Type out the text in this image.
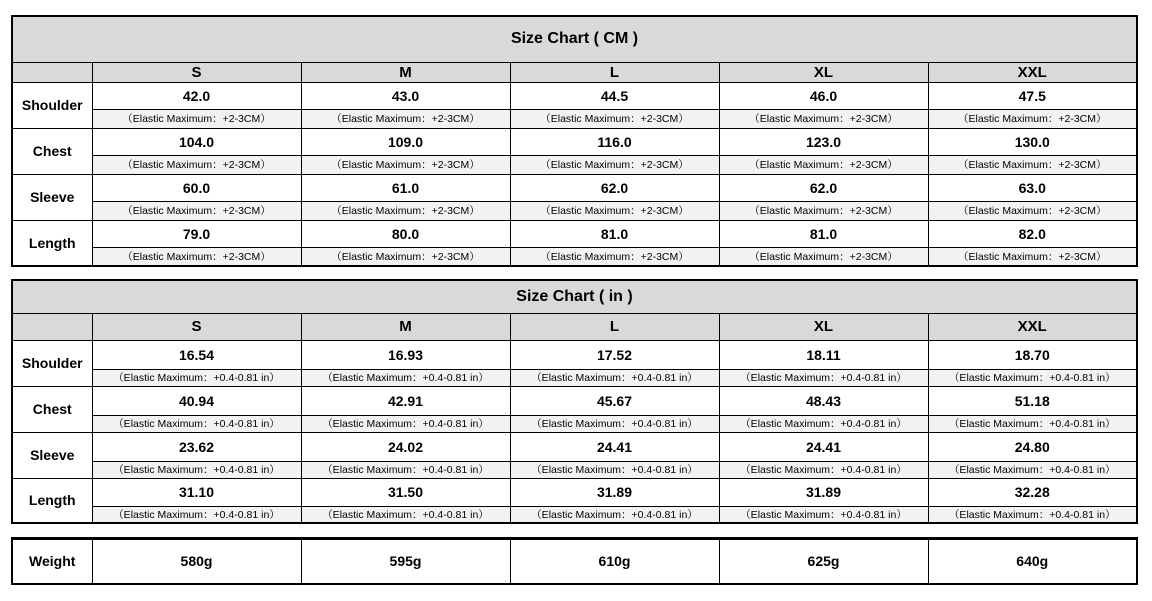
Size Chart ( CM )					
	S	M	L	XL	XXL
Shoulder	42.0	43.0	44.5	46.0	47.5
	（Elastic Maximum：+2-3CM）	（Elastic Maximum：+2-3CM）	（Elastic Maximum：+2-3CM）	（Elastic Maximum：+2-3CM）	（Elastic Maximum：+2-3CM）
Chest	104.0	109.0	116.0	123.0	130.0
	（Elastic Maximum：+2-3CM）	（Elastic Maximum：+2-3CM）	（Elastic Maximum：+2-3CM）	（Elastic Maximum：+2-3CM）	（Elastic Maximum：+2-3CM）
Sleeve	60.0	61.0	62.0	62.0	63.0
	（Elastic Maximum：+2-3CM）	（Elastic Maximum：+2-3CM）	（Elastic Maximum：+2-3CM）	（Elastic Maximum：+2-3CM）	（Elastic Maximum：+2-3CM）
Length	79.0	80.0	81.0	81.0	82.0
	（Elastic Maximum：+2-3CM）	（Elastic Maximum：+2-3CM）	（Elastic Maximum：+2-3CM）	（Elastic Maximum：+2-3CM）	（Elastic Maximum：+2-3CM）
Size Chart ( in )					
	S	M	L	XL	XXL
Shoulder	16.54	16.93	17.52	18.11	18.70
	（Elastic Maximum：+0.4-0.81 in）	（Elastic Maximum：+0.4-0.81 in）	（Elastic Maximum：+0.4-0.81 in）	（Elastic Maximum：+0.4-0.81 in）	（Elastic Maximum：+0.4-0.81 in）
Chest	40.94	42.91	45.67	48.43	51.18
	（Elastic Maximum：+0.4-0.81 in）	（Elastic Maximum：+0.4-0.81 in）	（Elastic Maximum：+0.4-0.81 in）	（Elastic Maximum：+0.4-0.81 in）	（Elastic Maximum：+0.4-0.81 in）
Sleeve	23.62	24.02	24.41	24.41	24.80
	（Elastic Maximum：+0.4-0.81 in）	（Elastic Maximum：+0.4-0.81 in）	（Elastic Maximum：+0.4-0.81 in）	（Elastic Maximum：+0.4-0.81 in）	（Elastic Maximum：+0.4-0.81 in）
Length	31.10	31.50	31.89	31.89	32.28
	（Elastic Maximum：+0.4-0.81 in）	（Elastic Maximum：+0.4-0.81 in）	（Elastic Maximum：+0.4-0.81 in）	（Elastic Maximum：+0.4-0.81 in）	（Elastic Maximum：+0.4-0.81 in）
Weight	580g	595g	610g	625g	640g
